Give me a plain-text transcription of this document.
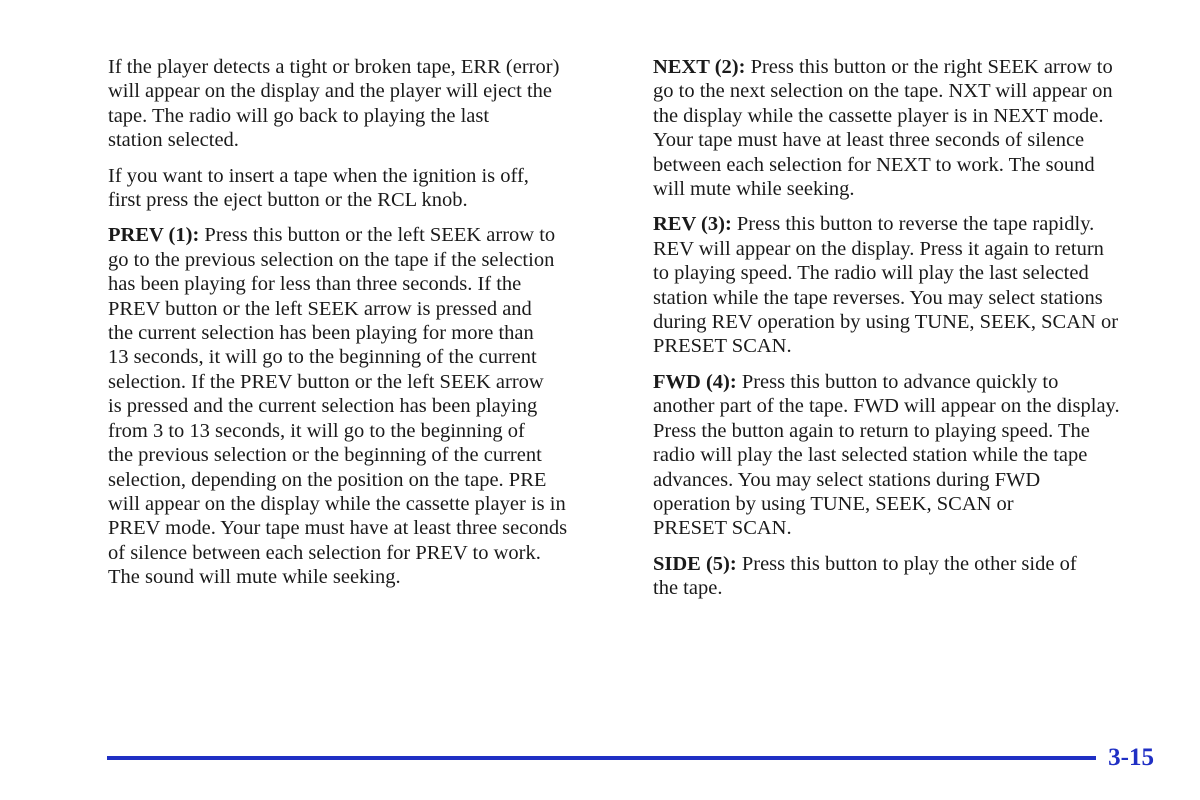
If the player detects a tight or broken tape, ERR (error)
will appear on the display and the player will eject the
tape. The radio will go back to playing the last
station selected.
If you want to insert a tape when the ignition is off,
first press the eject button or the RCL knob.
PREV (1): Press this button or the left SEEK arrow to
go to the previous selection on the tape if the selection
has been playing for less than three seconds. If the
PREV button or the left SEEK arrow is pressed and
the current selection has been playing for more than
13 seconds, it will go to the beginning of the current
selection. If the PREV button or the left SEEK arrow
is pressed and the current selection has been playing
from 3 to 13 seconds, it will go to the beginning of
the previous selection or the beginning of the current
selection, depending on the position on the tape. PRE
will appear on the display while the cassette player is in
PREV mode. Your tape must have at least three seconds
of silence between each selection for PREV to work.
The sound will mute while seeking.
NEXT (2): Press this button or the right SEEK arrow to
go to the next selection on the tape. NXT will appear on
the display while the cassette player is in NEXT mode.
Your tape must have at least three seconds of silence
between each selection for NEXT to work. The sound
will mute while seeking.
REV (3): Press this button to reverse the tape rapidly.
REV will appear on the display. Press it again to return
to playing speed. The radio will play the last selected
station while the tape reverses. You may select stations
during REV operation by using TUNE, SEEK, SCAN or
PRESET SCAN.
FWD (4): Press this button to advance quickly to
another part of the tape. FWD will appear on the display.
Press the button again to return to playing speed. The
radio will play the last selected station while the tape
advances. You may select stations during FWD
operation by using TUNE, SEEK, SCAN or
PRESET SCAN.
SIDE (5): Press this button to play the other side of
the tape.
3-15
